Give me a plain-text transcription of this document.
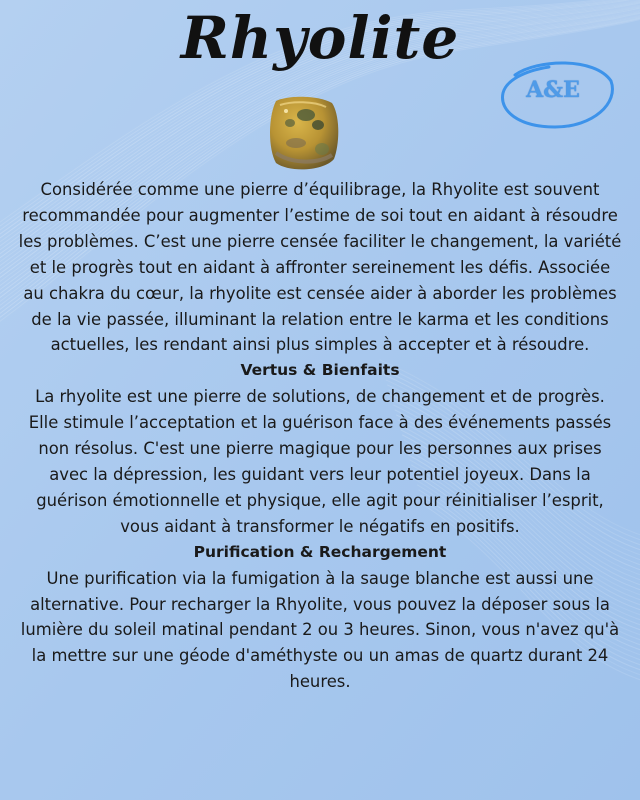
Rhyolite
A&E

Considérée comme une pierre d’équilibrage, la Rhyolite est souvent recommandée pour augmenter l’estime de soi tout en aidant à résoudre les problèmes. C’est une pierre censée faciliter le changement, la variété et le progrès tout en aidant à affronter sereinement les défis. Associée au chakra du cœur, la rhyolite est censée aider à aborder les problèmes de la vie passée, illuminant la relation entre le karma et les conditions actuelles, les rendant ainsi plus simples à accepter et à résoudre.

Vertus & Bienfaits

La rhyolite est une pierre de solutions, de changement et de progrès. Elle stimule l’acceptation et la guérison face à des événements passés non résolus. C'est une pierre magique pour les personnes aux prises avec la dépression, les guidant vers leur potentiel joyeux. Dans la guérison émotionnelle et physique, elle agit pour réinitialiser l’esprit, vous aidant à transformer le négatifs en positifs.

Purification & Rechargement

Une purification via la fumigation à la sauge blanche est aussi une alternative. Pour recharger la Rhyolite, vous pouvez la déposer sous la lumière du soleil matinal pendant 2 ou 3 heures. Sinon, vous n'avez qu'à la mettre sur une géode d'améthyste ou un amas de quartz durant 24 heures.
